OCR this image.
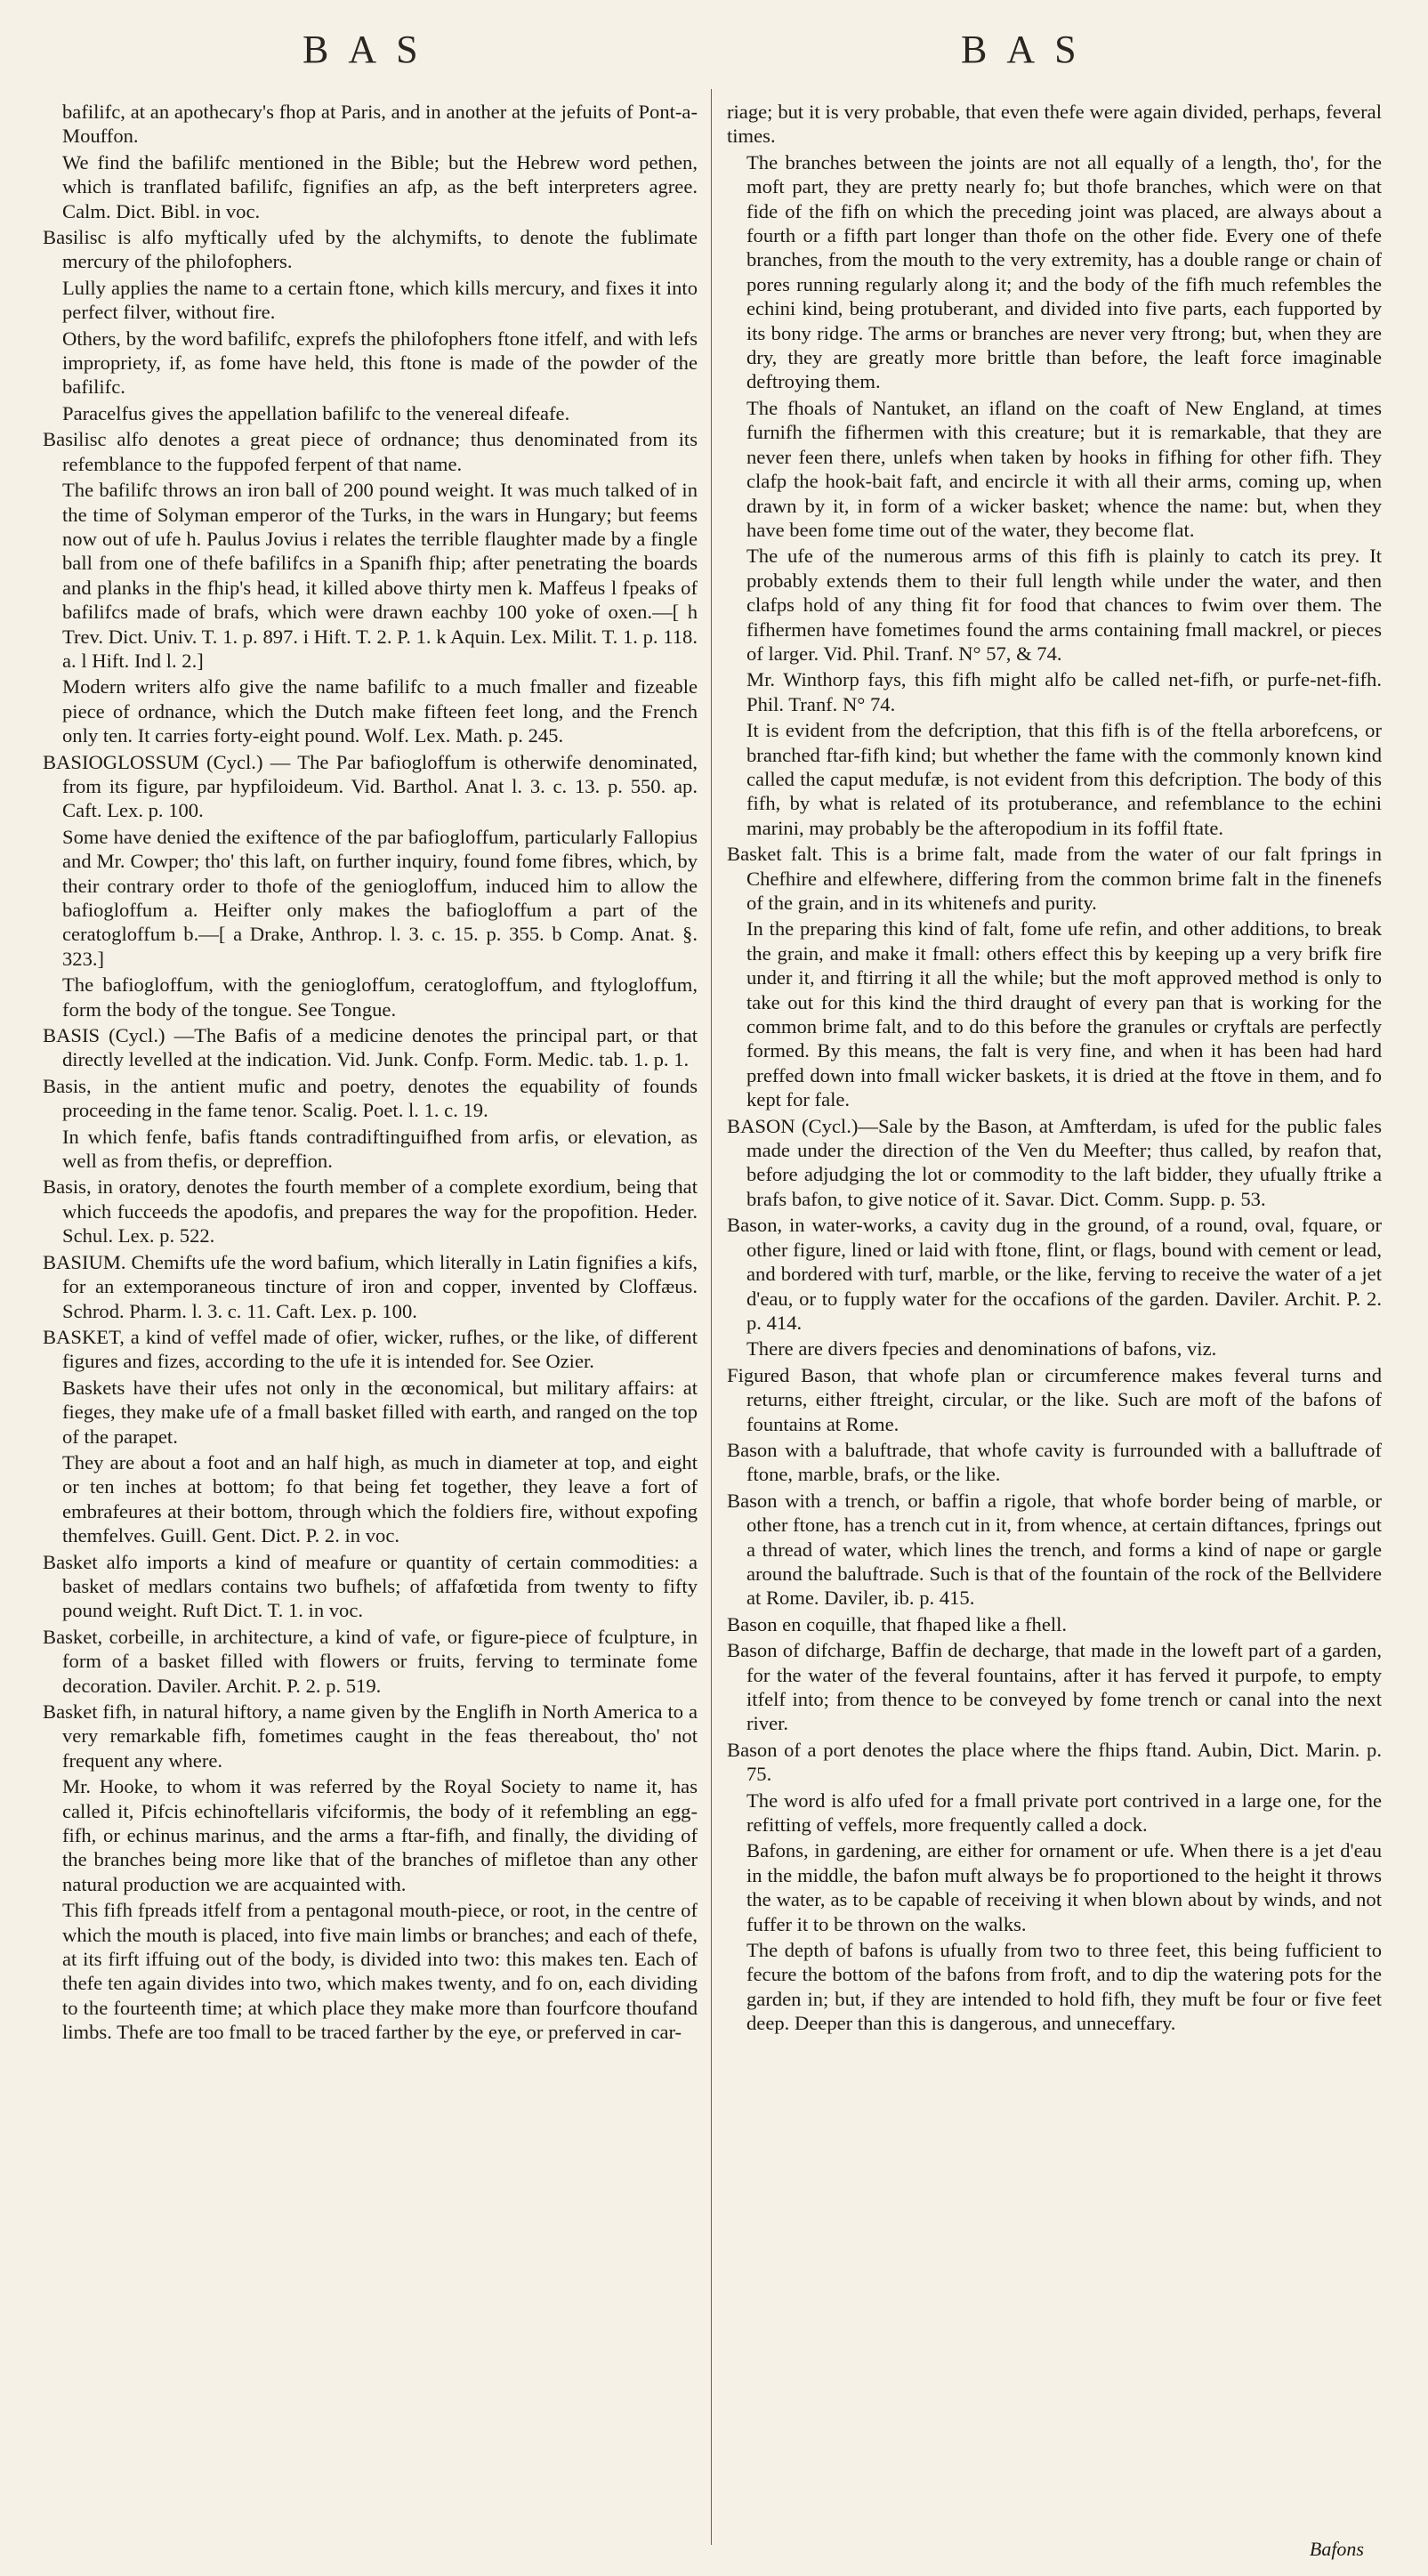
BAS	BAS

bafilifc, at an apothecary's fhop at Paris, and in another at the jefuits of Pont-a-Mouffon.

We find the bafilifc mentioned in the Bible; but the Hebrew word pethen, which is tranflated bafilifc, fignifies an afp, as the beft interpreters agree. Calm. Dict. Bibl. in voc.

Basilisc is alfo myftically ufed by the alchymifts, to denote the fublimate mercury of the philofophers.

Lully applies the name to a certain ftone, which kills mercury, and fixes it into perfect filver, without fire.

Others, by the word bafilifc, exprefs the philofophers ftone itfelf, and with lefs impropriety, if, as fome have held, this ftone is made of the powder of the bafilifc.

Paracelfus gives the appellation bafilifc to the venereal difeafe.

Basilisc alfo denotes a great piece of ordnance; thus denominated from its refemblance to the fuppofed ferpent of that name.

The bafilifc throws an iron ball of 200 pound weight. It was much talked of in the time of Solyman emperor of the Turks, in the wars in Hungary; but feems now out of ufe h. Paulus Jovius i relates the terrible flaughter made by a fingle ball from one of thefe bafilifcs in a Spanifh fhip; after penetrating the boards and planks in the fhip's head, it killed above thirty men k. Maffeus l fpeaks of bafilifcs made of brafs, which were drawn eachby 100 yoke of oxen.—[ h Trev. Dict. Univ. T. 1. p. 897. i Hift. T. 2. P. 1. k Aquin. Lex. Milit. T. 1. p. 118. a. l Hift. Ind l. 2.]

Modern writers alfo give the name bafilifc to a much fmaller and fizeable piece of ordnance, which the Dutch make fifteen feet long, and the French only ten. It carries forty-eight pound. Wolf. Lex. Math. p. 245.

BASIOGLOSSUM (Cycl.) — The Par bafiogloffum is otherwife denominated, from its figure, par hypfiloideum. Vid. Barthol. Anat l. 3. c. 13. p. 550. ap. Caft. Lex. p. 100.

Some have denied the exiftence of the par bafiogloffum, particularly Fallopius and Mr. Cowper; tho' this laft, on further inquiry, found fome fibres, which, by their contrary order to thofe of the geniogloffum, induced him to allow the bafiogloffum a. Heifter only makes the bafiogloffum a part of the ceratogloffum b.—[ a Drake, Anthrop. l. 3. c. 15. p. 355. b Comp. Anat. §. 323.]

The bafiogloffum, with the geniogloffum, ceratogloffum, and ftylogloffum, form the body of the tongue. See Tongue.

BASIS (Cycl.) —The Bafis of a medicine denotes the principal part, or that directly levelled at the indication. Vid. Junk. Confp. Form. Medic. tab. 1. p. 1.

Basis, in the antient mufic and poetry, denotes the equability of founds proceeding in the fame tenor. Scalig. Poet. l. 1. c. 19.

In which fenfe, bafis ftands contradiftinguifhed from arfis, or elevation, as well as from thefis, or depreffion.

Basis, in oratory, denotes the fourth member of a complete exordium, being that which fucceeds the apodofis, and prepares the way for the propofition. Heder. Schul. Lex. p. 522.

BASIUM. Chemifts ufe the word bafium, which literally in Latin fignifies a kifs, for an extemporaneous tincture of iron and copper, invented by Cloffæus. Schrod. Pharm. l. 3. c. 11. Caft. Lex. p. 100.

BASKET, a kind of veffel made of ofier, wicker, rufhes, or the like, of different figures and fizes, according to the ufe it is intended for. See Ozier.

Baskets have their ufes not only in the œconomical, but military affairs: at fieges, they make ufe of a fmall basket filled with earth, and ranged on the top of the parapet.

They are about a foot and an half high, as much in diameter at top, and eight or ten inches at bottom; fo that being fet together, they leave a fort of embrafeures at their bottom, through which the foldiers fire, without expofing themfelves. Guill. Gent. Dict. P. 2. in voc.

Basket alfo imports a kind of meafure or quantity of certain commodities: a basket of medlars contains two bufhels; of affafœtida from twenty to fifty pound weight. Ruft Dict. T. 1. in voc.

Basket, corbeille, in architecture, a kind of vafe, or figure-piece of fculpture, in form of a basket filled with flowers or fruits, ferving to terminate fome decoration. Daviler. Archit. P. 2. p. 519.

Basket fifh, in natural hiftory, a name given by the Englifh in North America to a very remarkable fifh, fometimes caught in the feas thereabout, tho' not frequent any where.

Mr. Hooke, to whom it was referred by the Royal Society to name it, has called it, Pifcis echinoftellaris vifciformis, the body of it refembling an egg-fifh, or echinus marinus, and the arms a ftar-fifh, and finally, the dividing of the branches being more like that of the branches of mifletoe than any other natural production we are acquainted with.

This fifh fpreads itfelf from a pentagonal mouth-piece, or root, in the centre of which the mouth is placed, into five main limbs or branches; and each of thefe, at its firft iffuing out of the body, is divided into two: this makes ten. Each of thefe ten again divides into two, which makes twenty, and fo on, each dividing to the fourteenth time; at which place they make more than fourfcore thoufand limbs. Thefe are too fmall to be traced farther by the eye, or preferved in car-

riage; but it is very probable, that even thefe were again divided, perhaps, feveral times.

The branches between the joints are not all equally of a length, tho', for the moft part, they are pretty nearly fo; but thofe branches, which were on that fide of the fifh on which the preceding joint was placed, are always about a fourth or a fifth part longer than thofe on the other fide. Every one of thefe branches, from the mouth to the very extremity, has a double range or chain of pores running regularly along it; and the body of the fifh much refembles the echini kind, being protuberant, and divided into five parts, each fupported by its bony ridge. The arms or branches are never very ftrong; but, when they are dry, they are greatly more brittle than before, the leaft force imaginable deftroying them.

The fhoals of Nantuket, an ifland on the coaft of New England, at times furnifh the fifhermen with this creature; but it is remarkable, that they are never feen there, unlefs when taken by hooks in fifhing for other fifh. They clafp the hook-bait faft, and encircle it with all their arms, coming up, when drawn by it, in form of a wicker basket; whence the name: but, when they have been fome time out of the water, they become flat.

The ufe of the numerous arms of this fifh is plainly to catch its prey. It probably extends them to their full length while under the water, and then clafps hold of any thing fit for food that chances to fwim over them. The fifhermen have fometimes found the arms containing fmall mackrel, or pieces of larger. Vid. Phil. Tranf. N° 57, & 74.

Mr. Winthorp fays, this fifh might alfo be called net-fifh, or purfe-net-fifh. Phil. Tranf. N° 74.

It is evident from the defcription, that this fifh is of the ftella arborefcens, or branched ftar-fifh kind; but whether the fame with the commonly known kind called the caput medufæ, is not evident from this defcription. The body of this fifh, by what is related of its protuberance, and refemblance to the echini marini, may probably be the afteropodium in its foffil ftate.

Basket falt. This is a brime falt, made from the water of our falt fprings in Chefhire and elfewhere, differing from the common brime falt in the finenefs of the grain, and in its whitenefs and purity.

In the preparing this kind of falt, fome ufe refin, and other additions, to break the grain, and make it fmall: others effect this by keeping up a very brifk fire under it, and ftirring it all the while; but the moft approved method is only to take out for this kind the third draught of every pan that is working for the common brime falt, and to do this before the granules or cryftals are perfectly formed. By this means, the falt is very fine, and when it has been had hard preffed down into fmall wicker baskets, it is dried at the ftove in them, and fo kept for fale.

BASON (Cycl.)—Sale by the Bason, at Amfterdam, is ufed for the public fales made under the direction of the Ven du Meefter; thus called, by reafon that, before adjudging the lot or commodity to the laft bidder, they ufually ftrike a brafs bafon, to give notice of it. Savar. Dict. Comm. Supp. p. 53.

Bason, in water-works, a cavity dug in the ground, of a round, oval, fquare, or other figure, lined or laid with ftone, flint, or flags, bound with cement or lead, and bordered with turf, marble, or the like, ferving to receive the water of a jet d'eau, or to fupply water for the occafions of the garden. Daviler. Archit. P. 2. p. 414.

There are divers fpecies and denominations of bafons, viz.

Figured Bason, that whofe plan or circumference makes feveral turns and returns, either ftreight, circular, or the like. Such are moft of the bafons of fountains at Rome.

Bason with a baluftrade, that whofe cavity is furrounded with a balluftrade of ftone, marble, brafs, or the like.

Bason with a trench, or baffin a rigole, that whofe border being of marble, or other ftone, has a trench cut in it, from whence, at certain diftances, fprings out a thread of water, which lines the trench, and forms a kind of nape or gargle around the baluftrade. Such is that of the fountain of the rock of the Bellvidere at Rome. Daviler, ib. p. 415.

Bason en coquille, that fhaped like a fhell.

Bason of difcharge, Baffin de decharge, that made in the loweft part of a garden, for the water of the feveral fountains, after it has ferved it purpofe, to empty itfelf into; from thence to be conveyed by fome trench or canal into the next river.

Bason of a port denotes the place where the fhips ftand. Aubin, Dict. Marin. p. 75.

The word is alfo ufed for a fmall private port contrived in a large one, for the refitting of veffels, more frequently called a dock.

Bafons, in gardening, are either for ornament or ufe. When there is a jet d'eau in the middle, the bafon muft always be fo proportioned to the height it throws the water, as to be capable of receiving it when blown about by winds, and not fuffer it to be thrown on the walks.

The depth of bafons is ufually from two to three feet, this being fufficient to fecure the bottom of the bafons from froft, and to dip the watering pots for the garden in; but, if they are intended to hold fifh, they muft be four or five feet deep. Deeper than this is dangerous, and unneceffary.

Bafons
